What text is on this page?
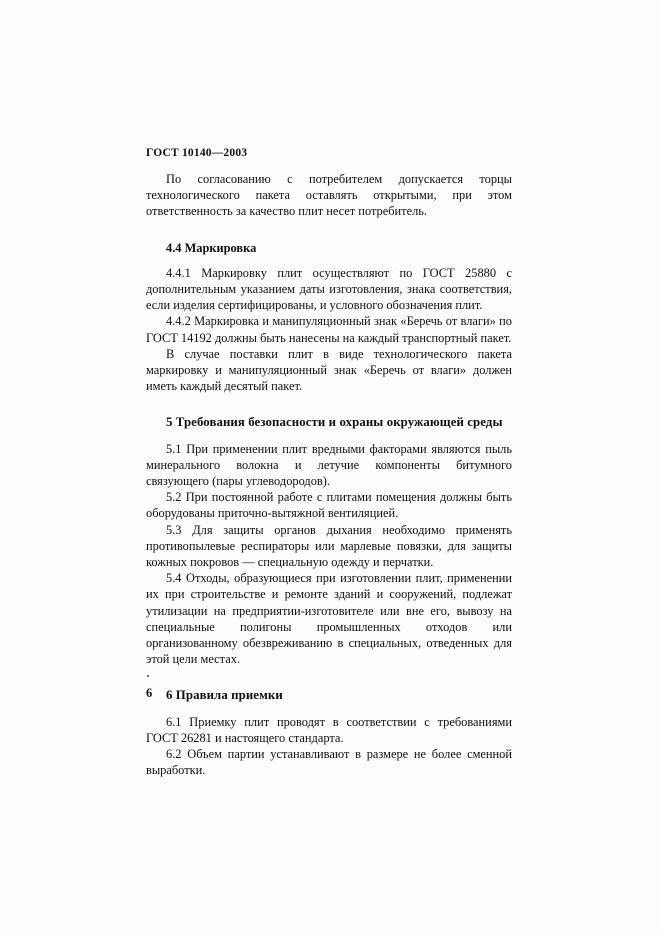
ГОСТ 10140—2003

По согласованию с потребителем допускается торцы технологического пакета оставлять открытыми, при этом ответственность за качество плит несет потребитель.

4.4 Маркировка

4.4.1 Маркировку плит осуществляют по ГОСТ 25880 с дополнительным указанием даты изготовления, знака соответствия, если изделия сертифицированы, и условного обозначения плит.

4.4.2 Маркировка и манипуляционный знак «Беречь от влаги» по ГОСТ 14192 должны быть нанесены на каждый транспортный пакет.

В случае поставки плит в виде технологического пакета маркировку и манипуляционный знак «Беречь от влаги» должен иметь каждый десятый пакет.

5 Требования безопасности и охраны окружающей среды

5.1 При применении плит вредными факторами являются пыль минерального волокна и летучие компоненты битумного связующего (пары углеводородов).

5.2 При постоянной работе с плитами помещения должны быть оборудованы приточно-вытяжной вентиляцией.

5.3 Для защиты органов дыхания необходимо применять противопылевые респираторы или марлевые повязки, для защиты кожных покровов — специальную одежду и перчатки.

5.4 Отходы, образующиеся при изготовлении плит, применении их при строительстве и ремонте зданий и сооружений, подлежат утилизации на предприятии-изготовителе или вне его, вывозу на специальные полигоны промышленных отходов или организованному обезвреживанию в специальных, отведенных для этой цели местах.

6 Правила приемки

6.1 Приемку плит проводят в соответствии с требованиями ГОСТ 26281 и настоящего стандарта.

6.2 Объем партии устанавливают в размере не более сменной выработки.

6
